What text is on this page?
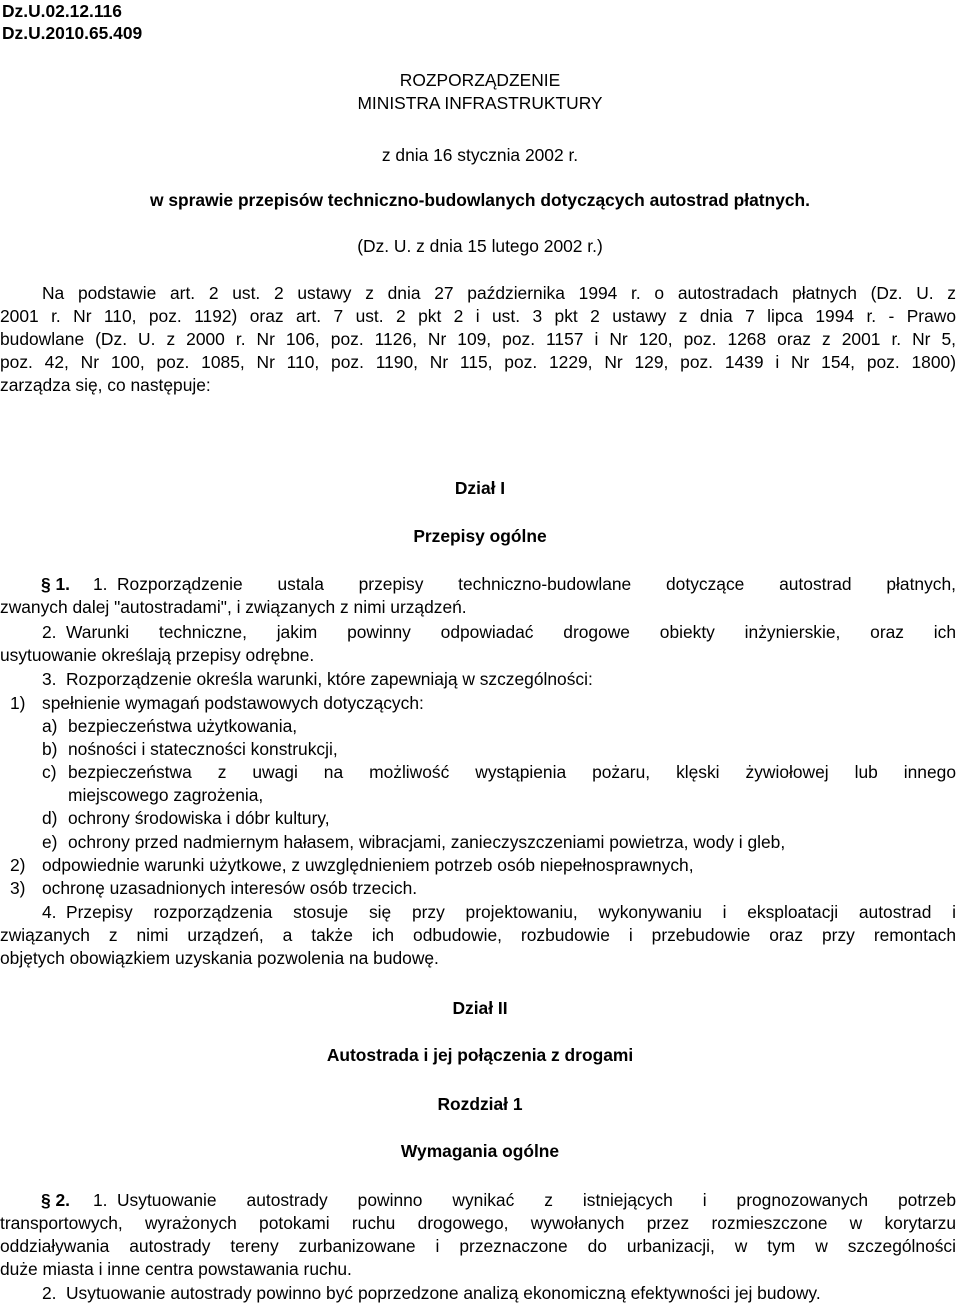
Dz.U.02.12.116
Dz.U.2010.65.409
ROZPORZĄDZENIE
MINISTRA INFRASTRUKTURY
z dnia 16 stycznia 2002 r.
w sprawie przepisów techniczno-budowlanych dotyczących autostrad płatnych.
(Dz. U. z dnia 15 lutego 2002 r.)
Na podstawie art. 2 ust. 2 ustawy z dnia 27 października 1994 r. o autostradach płatnych (Dz. U. z
2001 r. Nr 110, poz. 1192) oraz art. 7 ust. 2 pkt 2 i ust. 3 pkt 2 ustawy z dnia 7 lipca 1994 r. - Prawo
budowlane (Dz. U. z 2000 r. Nr 106, poz. 1126, Nr 109, poz. 1157 i Nr 120, poz. 1268 oraz z 2001 r. Nr 5,
poz. 42, Nr 100, poz. 1085, Nr 110, poz. 1190, Nr 115, poz. 1229, Nr 129, poz. 1439 i Nr 154, poz. 1800)
zarządza się, co następuje:
Dział I
Przepisy ogólne
§ 1. 1. Rozporządzenie ustala przepisy techniczno-budowlane dotyczące autostrad płatnych,
zwanych dalej "autostradami", i związanych z nimi urządzeń.
2. Warunki techniczne, jakim powinny odpowiadać drogowe obiekty inżynierskie, oraz ich
usytuowanie określają przepisy odrębne.
3. Rozporządzenie określa warunki, które zapewniają w szczególności:
1) spełnienie wymagań podstawowych dotyczących:
a) bezpieczeństwa użytkowania,
b) nośności i stateczności konstrukcji,
c) bezpieczeństwa z uwagi na możliwość wystąpienia pożaru, klęski żywiołowej lub innego
miejscowego zagrożenia,
d) ochrony środowiska i dóbr kultury,
e) ochrony przed nadmiernym hałasem, wibracjami, zanieczyszczeniami powietrza, wody i gleb,
2) odpowiednie warunki użytkowe, z uwzględnieniem potrzeb osób niepełnosprawnych,
3) ochronę uzasadnionych interesów osób trzecich.
4. Przepisy rozporządzenia stosuje się przy projektowaniu, wykonywaniu i eksploatacji autostrad i
związanych z nimi urządzeń, a także ich odbudowie, rozbudowie i przebudowie oraz przy remontach
objętych obowiązkiem uzyskania pozwolenia na budowę.
Dział II
Autostrada i jej połączenia z drogami
Rozdział 1
Wymagania ogólne
§ 2. 1. Usytuowanie autostrady powinno wynikać z istniejących i prognozowanych potrzeb
transportowych, wyrażonych potokami ruchu drogowego, wywołanych przez rozmieszczone w korytarzu
oddziaływania autostrady tereny zurbanizowane i przeznaczone do urbanizacji, w tym w szczególności
duże miasta i inne centra powstawania ruchu.
2. Usytuowanie autostrady powinno być poprzedzone analizą ekonomiczną efektywności jej budowy.
